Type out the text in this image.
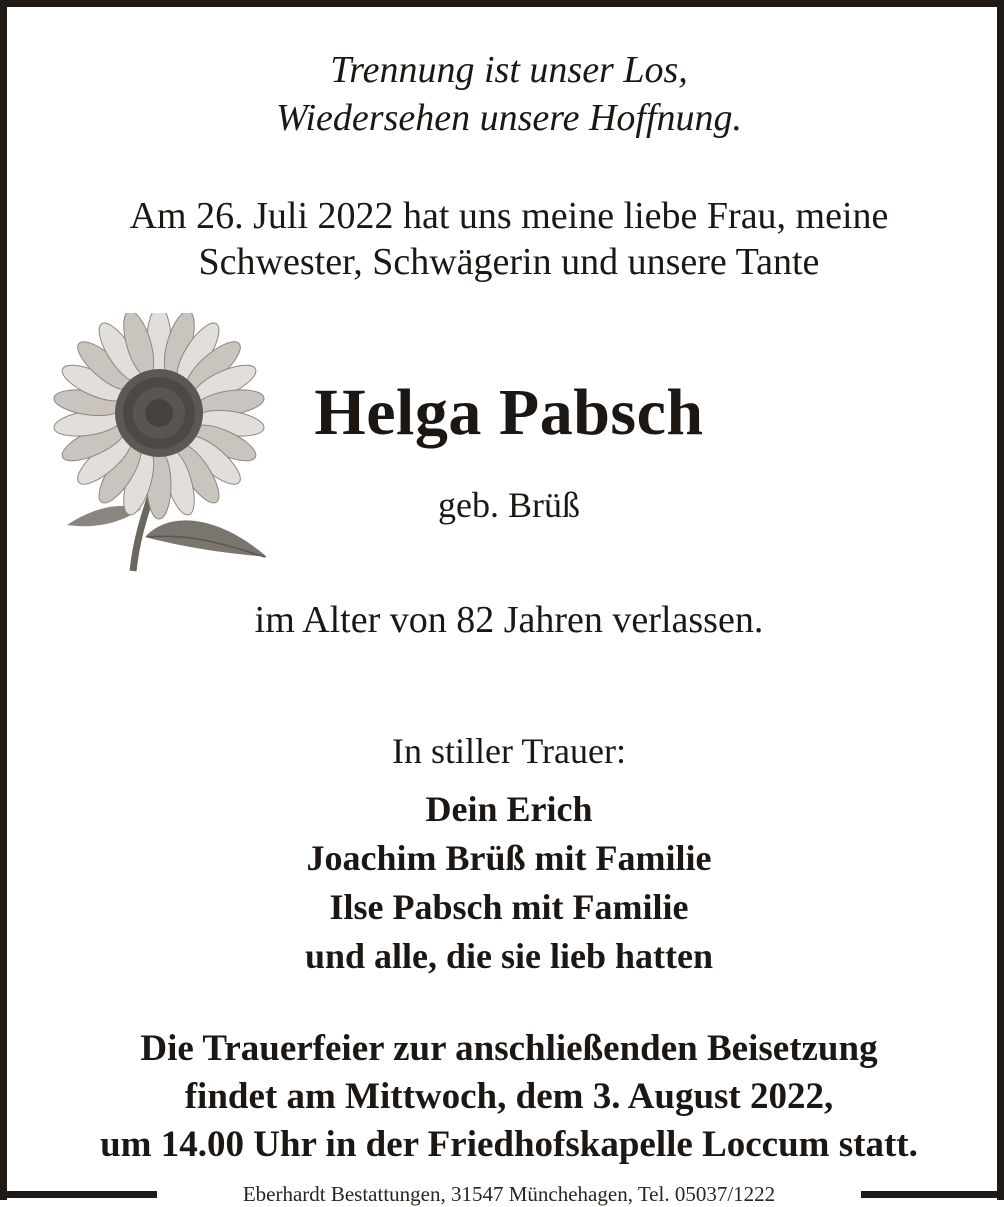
Trennung ist unser Los,
Wiedersehen unsere Hoffnung.
Am 26. Juli 2022 hat uns meine liebe Frau, meine
Schwester, Schwägerin und unsere Tante
Helga Pabsch
geb. Brüß
im Alter von 82 Jahren verlassen.
In stiller Trauer:
Dein Erich
Joachim Brüß mit Familie
Ilse Pabsch mit Familie
und alle, die sie lieb hatten
Die Trauerfeier zur anschließenden Beisetzung
findet am Mittwoch, dem 3. August 2022,
um 14.00 Uhr in der Friedhofskapelle Loccum statt.
Eberhardt Bestattungen, 31547 Münchehagen, Tel. 05037/1222
